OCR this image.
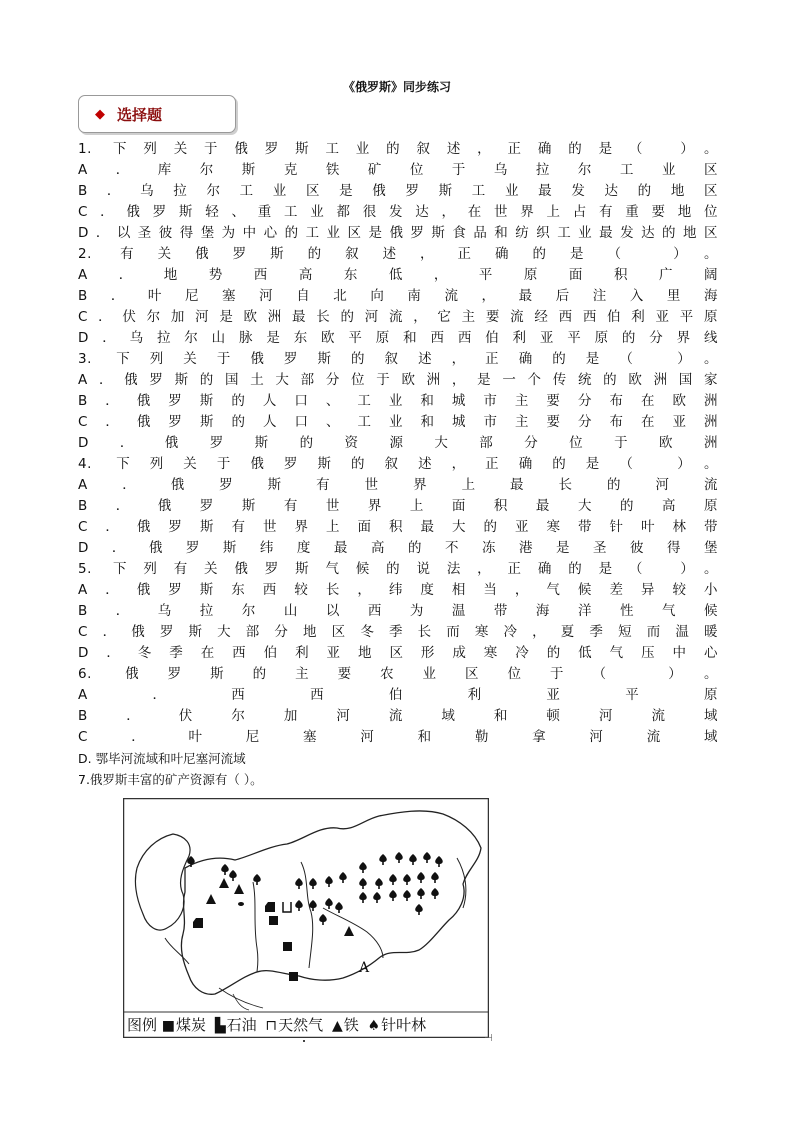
《俄罗斯》同步练习
◆ 选择题
1. 下列关于俄罗斯工业的叙述，正确的是（ ）。
A．库尔斯克铁矿位于乌拉尔工业区
B．乌拉尔工业区是俄罗斯工业最发达的地区
C．俄罗斯轻、重工业都很发达，在世界上占有重要地位
D．以圣彼得堡为中心的工业区是俄罗斯食品和纺织工业最发达的地区
2. 有关俄罗斯的叙述，正确的是（ ）。
A．地势西高东低，平原面积广阔
B．叶尼塞河自北向南流，最后注入里海
C．伏尔加河是欧洲最长的河流，它主要流经西西伯利亚平原
D．乌拉尔山脉是东欧平原和西西伯利亚平原的分界线
3. 下列关于俄罗斯的叙述，正确的是（ ）。
A．俄罗斯的国土大部分位于欧洲，是一个传统的欧洲国家
B．俄罗斯的人口、工业和城市主要分布在欧洲
C．俄罗斯的人口、工业和城市主要分布在亚洲
D．俄罗斯的资源大部分位于欧洲
4. 下列关于俄罗斯的叙述，正确的是（ ）。
A．俄罗斯有世界上最长的河流
B．俄罗斯有世界上面积最大的高原
C．俄罗斯有世界上面积最大的亚寒带针叶林带
D．俄罗斯纬度最高的不冻港是圣彼得堡
5. 下列有关俄罗斯气候的说法，正确的是（ ）。
A．俄罗斯东西较长，纬度相当，气候差异较小
B．乌拉尔山以西为温带海洋性气候
C．俄罗斯大部分地区冬季长而寒冷，夏季短而温暖
D．冬季在西伯利亚地区形成寒冷的低气压中心
6. 俄罗斯的主要农业区位于（ ）。
A．西西伯利亚平原
B．伏尔加河流域和顿河流域
C．叶尼塞河和勒拿河流域
D. 鄂毕河流域和叶尼塞河流域
7.俄罗斯丰富的矿产资源有（ ）。
A
图例 ■煤炭 ▙石油 ⊓天然气 ▲铁 ♠针叶林
⊣
